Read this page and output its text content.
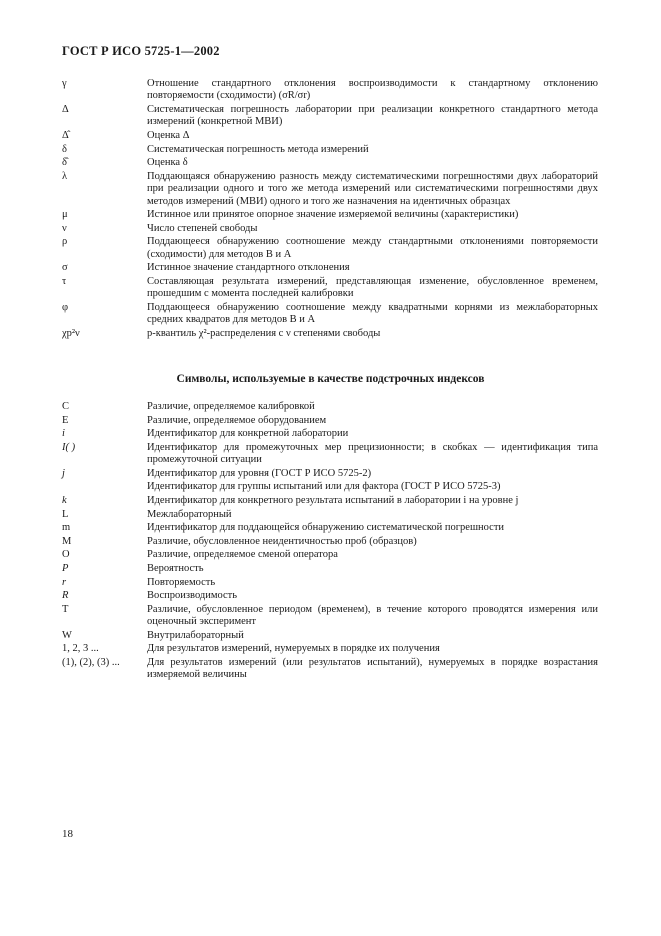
ГОСТ Р ИСО 5725-1—2002
γ	Отношение стандартного отклонения воспроизводимости к стандартному отклонению повторяемости (сходимости) (σR/σr)
Δ	Систематическая погрешность лаборатории при реализации конкретного стандартного метода измерений (конкретной МВИ)
Δ̂	Оценка Δ
δ	Систематическая погрешность метода измерений
δ̂	Оценка δ
λ	Поддающаяся обнаружению разность между систематическими погрешностями двух лабораторий при реализации одного и того же метода измерений или систематическими погрешностями двух методов измерений (МВИ) одного и того же назначения на идентичных образцах
μ	Истинное или принятое опорное значение измеряемой величины (характеристики)
ν	Число степеней свободы
ρ	Поддающееся обнаружению соотношение между стандартными отклонениями повторяемости (сходимости) для методов В и А
σ	Истинное значение стандартного отклонения
τ	Составляющая результата измерений, представляющая изменение, обусловленное временем, прошедшим с момента последней калибровки
φ	Поддающееся обнаружению соотношение между квадратными корнями из межлабораторных средних квадратов для методов В и А
χp²ν	p-квантиль χ²-распределения с ν степенями свободы
Символы, используемые в качестве подстрочных индексов
C	Различие, определяемое калибровкой
E	Различие, определяемое оборудованием
i	Идентификатор для конкретной лаборатории
I( )	Идентификатор для промежуточных мер прецизионности; в скобках — идентификация типа промежуточной ситуации
j	Идентификатор для уровня (ГОСТ Р ИСО 5725-2)
Идентификатор для группы испытаний или для фактора (ГОСТ Р ИСО 5725-3)
k	Идентификатор для конкретного результата испытаний в лаборатории i на уровне j
L	Межлабораторный
m	Идентификатор для поддающейся обнаружению систематической погрешности
M	Различие, обусловленное неидентичностью проб (образцов)
O	Различие, определяемое сменой оператора
P	Вероятность
r	Повторяемость
R	Воспроизводимость
T	Различие, обусловленное периодом (временем), в течение которого проводятся измерения или оценочный эксперимент
W	Внутрилабораторный
1, 2, 3 ...	Для результатов измерений, нумеруемых в порядке их получения
(1), (2), (3) ...	Для результатов измерений (или результатов испытаний), нумеруемых в порядке возрастания измеряемой величины
18
